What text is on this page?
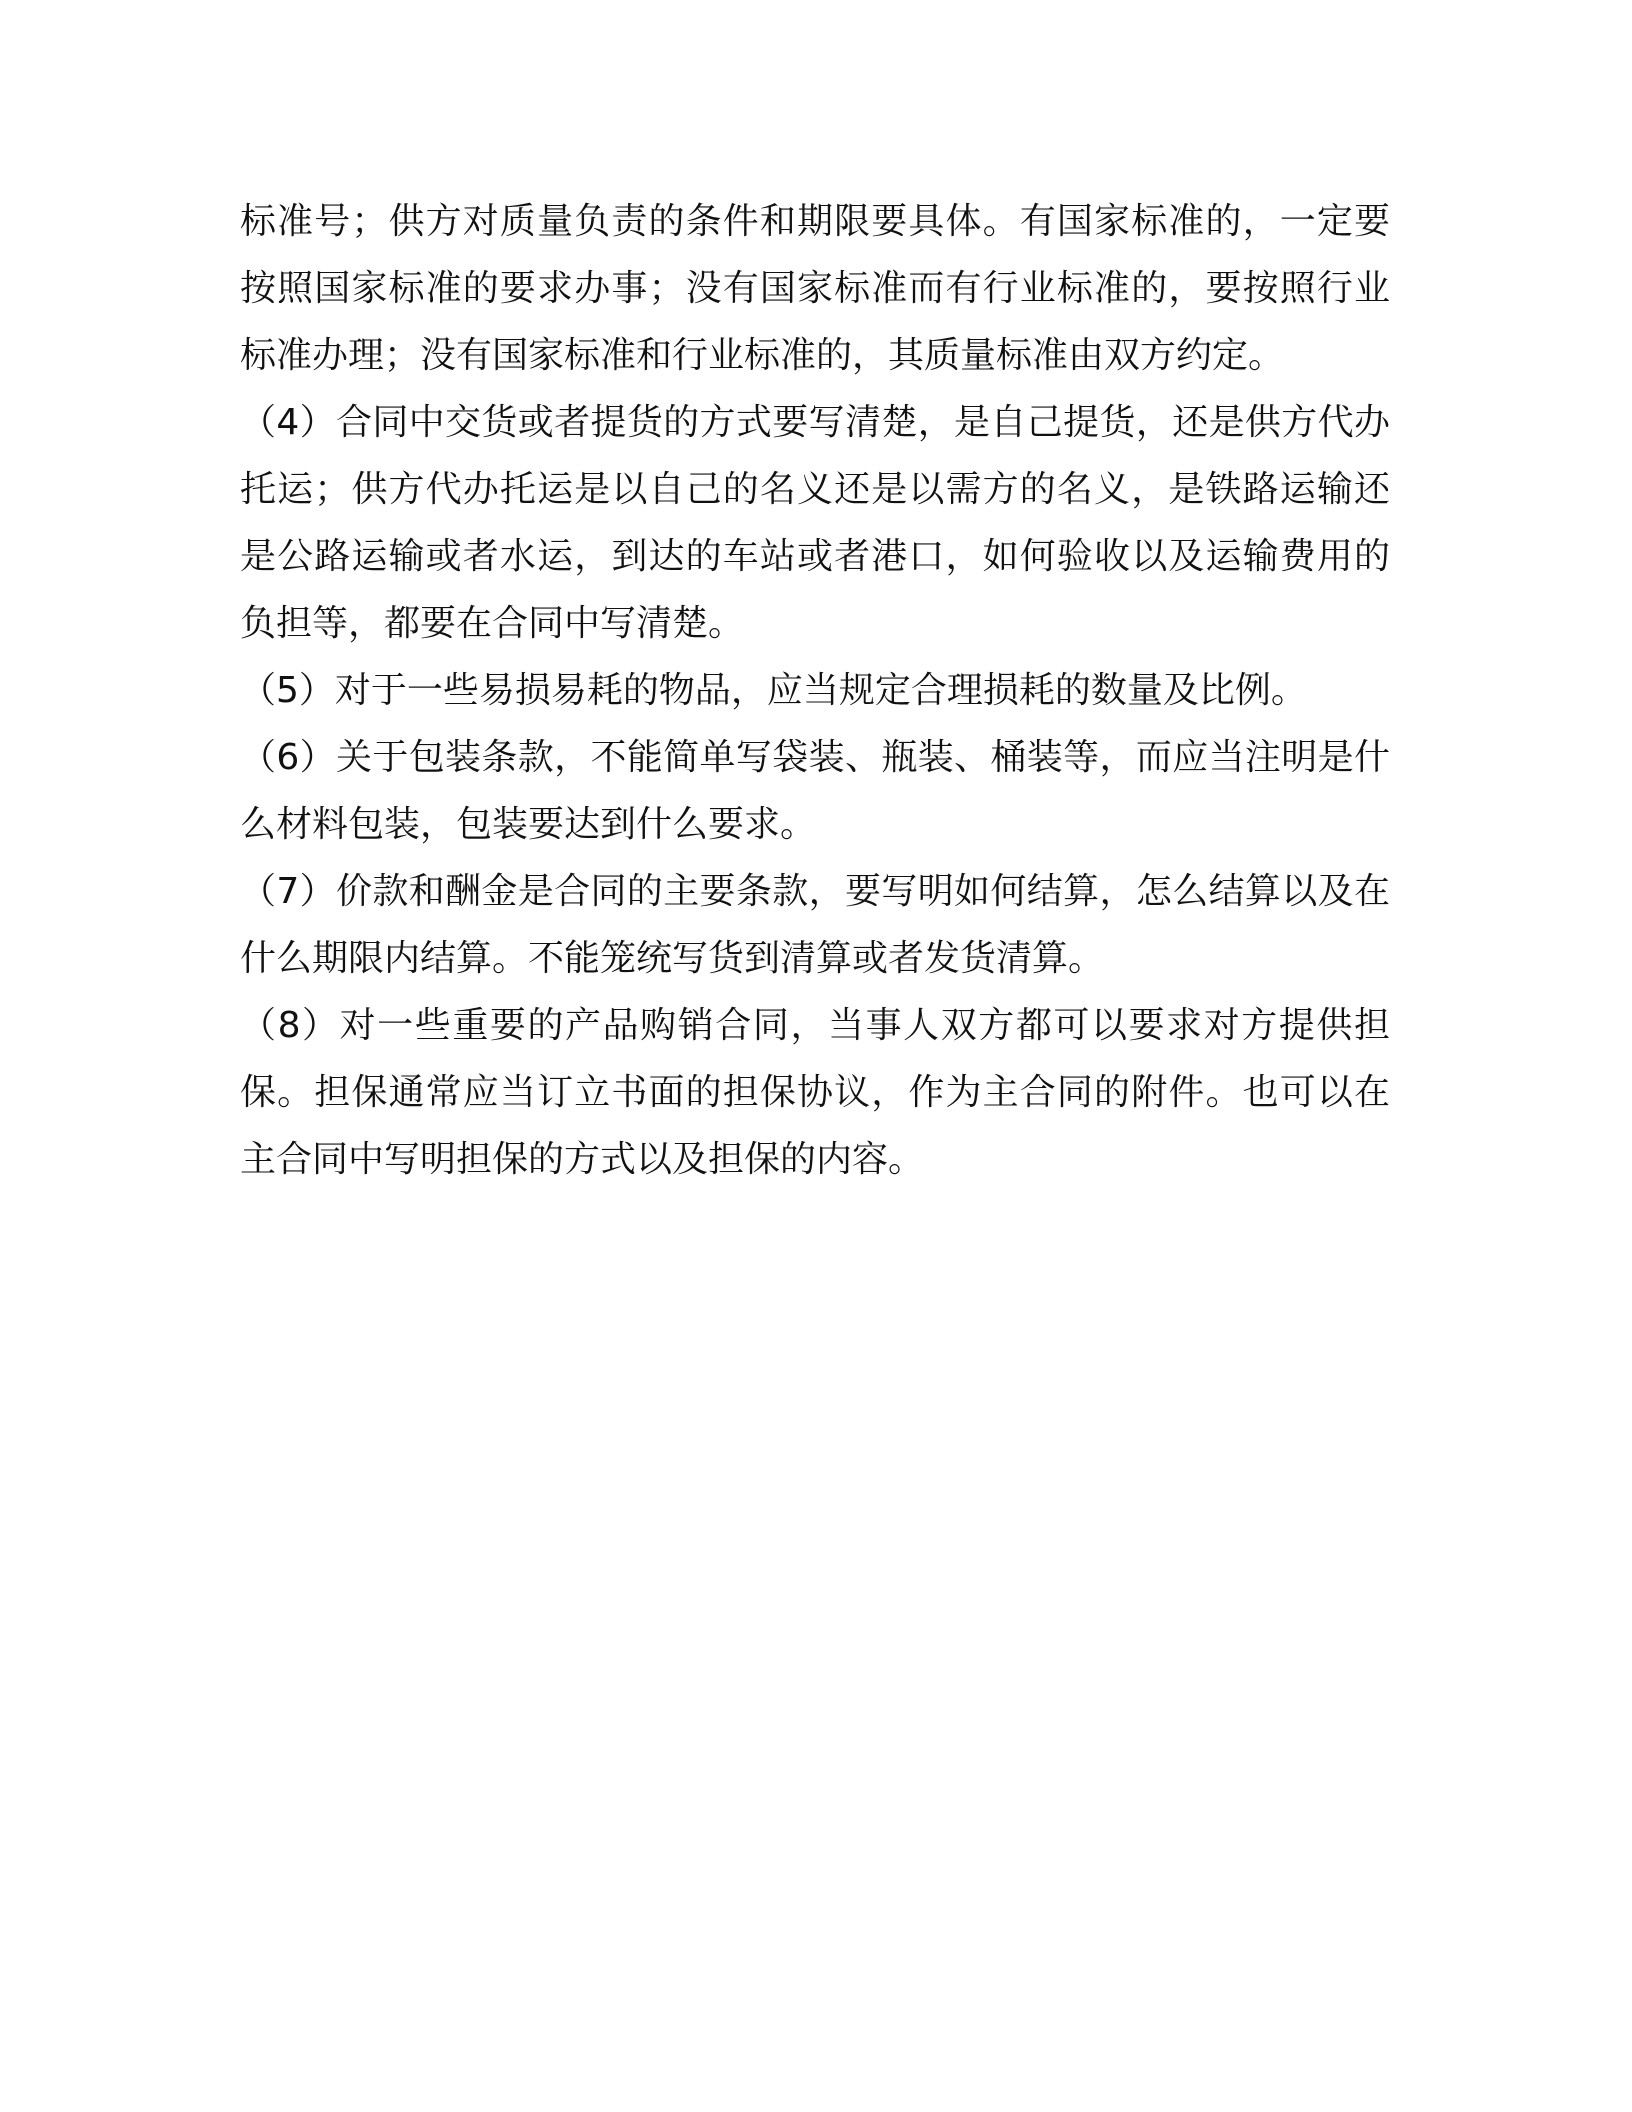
标准号；供方对质量负责的条件和期限要具体。有国家标准的，一定要按照国家标准的要求办事；没有国家标准而有行业标准的，要按照行业标准办理；没有国家标准和行业标准的，其质量标准由双方约定。

（4）合同中交货或者提货的方式要写清楚，是自己提货，还是供方代办托运；供方代办托运是以自己的名义还是以需方的名义，是铁路运输还是公路运输或者水运，到达的车站或者港口，如何验收以及运输费用的负担等，都要在合同中写清楚。

（5）对于一些易损易耗的物品，应当规定合理损耗的数量及比例。

（6）关于包装条款，不能简单写袋装、瓶装、桶装等，而应当注明是什么材料包装，包装要达到什么要求。

（7）价款和酬金是合同的主要条款，要写明如何结算，怎么结算以及在什么期限内结算。不能笼统写货到清算或者发货清算。

（8）对一些重要的产品购销合同，当事人双方都可以要求对方提供担保。担保通常应当订立书面的担保协议，作为主合同的附件。也可以在主合同中写明担保的方式以及担保的内容。
